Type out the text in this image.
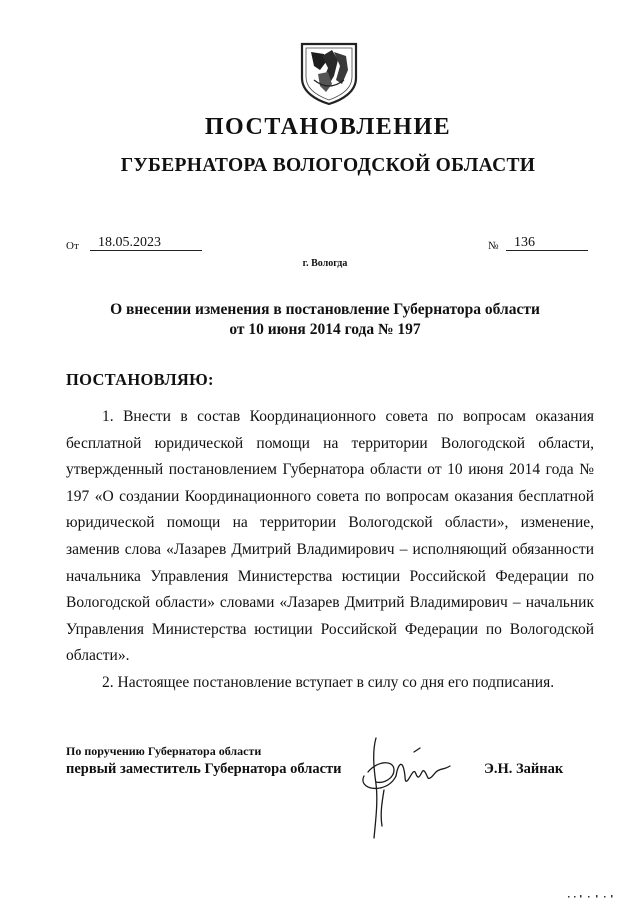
ПОСТАНОВЛЕНИЕ
ГУБЕРНАТОРА ВОЛОГОДСКОЙ ОБЛАСТИ
От	18.05.2023	№	136
г. Вологда
О внесении изменения в постановление Губернатора области
от 10 июня 2014 года № 197
ПОСТАНОВЛЯЮ:

1. Внести в состав Координационного совета по вопросам оказания бесплатной юридической помощи на территории Вологодской области, утвержденный постановлением Губернатора области от 10 июня 2014 года № 197 «О создании Координационного совета по вопросам оказания бесплатной юридической помощи на территории Вологодской области», изменение, заменив слова «Лазарев Дмитрий Владимирович – исполняющий обязанности начальника Управления Министерства юстиции Российской Федерации по Вологодской области» словами «Лазарев Дмитрий Владимирович – начальник Управления Министерства юстиции Российской Федерации по Вологодской области».

2. Настоящее постановление вступает в силу со дня его подписания.

По поручению Губернатора области
первый заместитель Губернатора области	Э.Н. Зайнак
